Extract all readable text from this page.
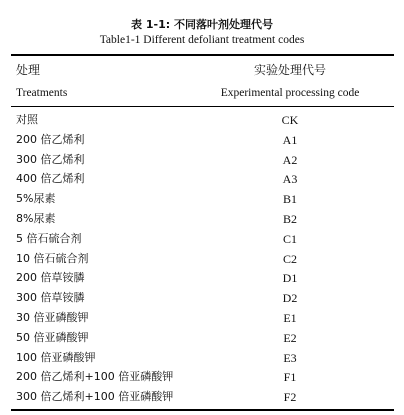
表 1-1: 不同落叶剂处理代号
Table1-1 Different defoliant treatment codes
处理	实验处理代号
Treatments	Experimental processing code
对照	CK
200 倍乙烯利	A1
300 倍乙烯利	A2
400 倍乙烯利	A3
5%尿素	B1
8%尿素	B2
5 倍石硫合剂	C1
10 倍石硫合剂	C2
200 倍草铵膦	D1
300 倍草铵膦	D2
30 倍亚磷酸钾	E1
50 倍亚磷酸钾	E2
100 倍亚磷酸钾	E3
200 倍乙烯利+100 倍亚磷酸钾	F1
300 倍乙烯利+100 倍亚磷酸钾	F2
